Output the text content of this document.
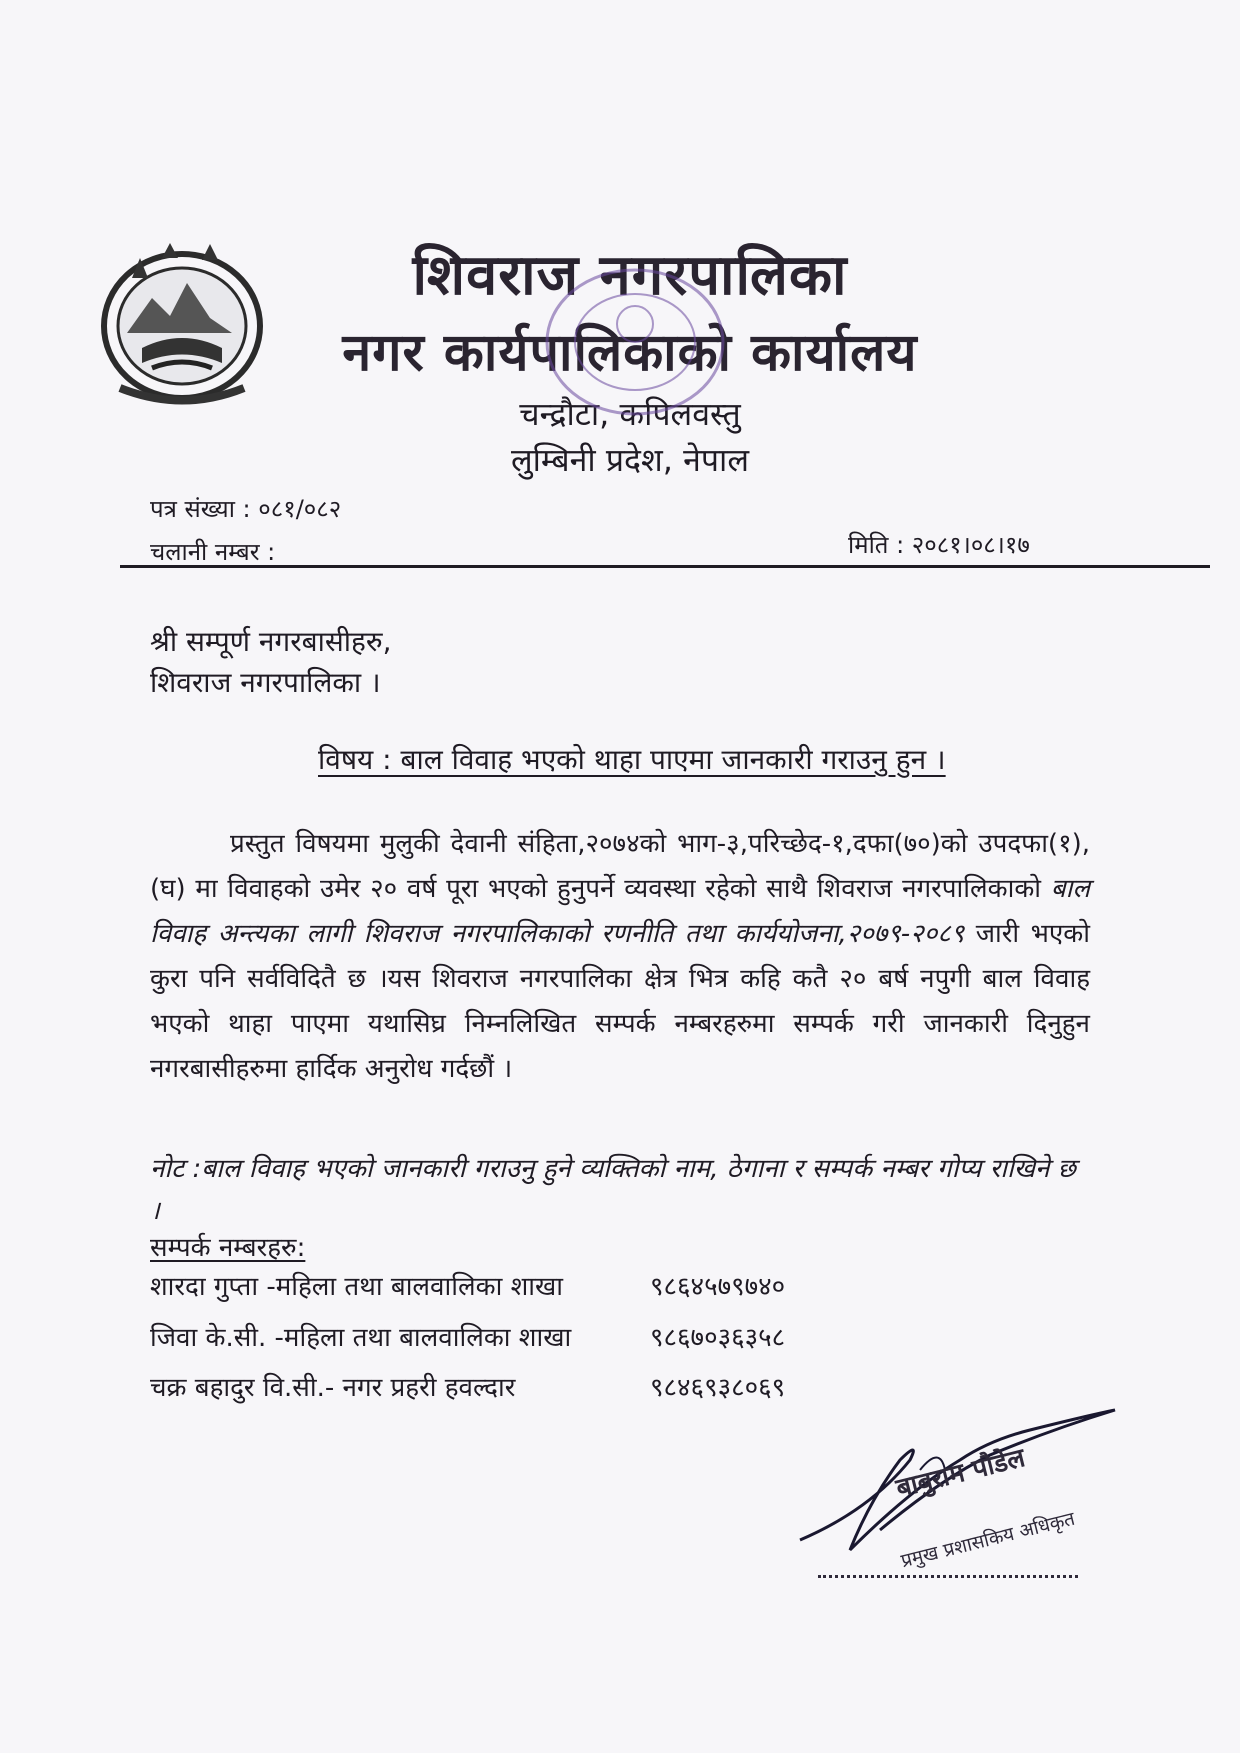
शिवराज नगरपालिका
नगर कार्यपालिकाको कार्यालय
चन्द्रौटा, कपिलवस्तु
लुम्बिनी प्रदेश, नेपाल
पत्र संख्या : ०८१/०८२
चलानी नम्बर :	मिति : २०८१।०८।१७
श्री सम्पूर्ण नगरबासीहरु,
शिवराज नगरपालिका ।
विषय : बाल विवाह भएको थाहा पाएमा जानकारी गराउनु हुन ।

प्रस्तुत विषयमा मुलुकी देवानी संहिता,२०७४को भाग-३,परिच्छेद-१,दफा(७०)को उपदफा(१),(घ) मा विवाहको उमेर २० वर्ष पूरा भएको हुनुपर्ने व्यवस्था रहेको साथै शिवराज नगरपालिकाको बाल विवाह अन्त्यका लागी शिवराज नगरपालिकाको रणनीति तथा कार्ययोजना,२०७९-२०८९ जारी भएको कुरा पनि सर्वविदितै छ ।यस शिवराज नगरपालिका क्षेत्र भित्र कहि कतै २० बर्ष नपुगी बाल विवाह भएको थाहा पाएमा यथासिघ्र निम्नलिखित सम्पर्क नम्बरहरुमा सम्पर्क गरी जानकारी दिनुहुन नगरबासीहरुमा हार्दिक अनुरोध गर्दछौं ।

नोट :बाल विवाह भएको जानकारी गराउनु हुने व्यक्तिको नाम, ठेगाना र सम्पर्क नम्बर गोप्य राखिने छ ।
सम्पर्क नम्बरहरु:
शारदा गुप्ता -महिला तथा बालवालिका शाखा	९८६४५७९७४०
जिवा के.सी. -महिला तथा बालवालिका शाखा	९८६७०३६३५८
चक्र बहादुर वि.सी.- नगर प्रहरी हवल्दार	९८४६९३८०६९
बाबुराम पौडेल
प्रमुख प्रशासकिय अधिकृत
